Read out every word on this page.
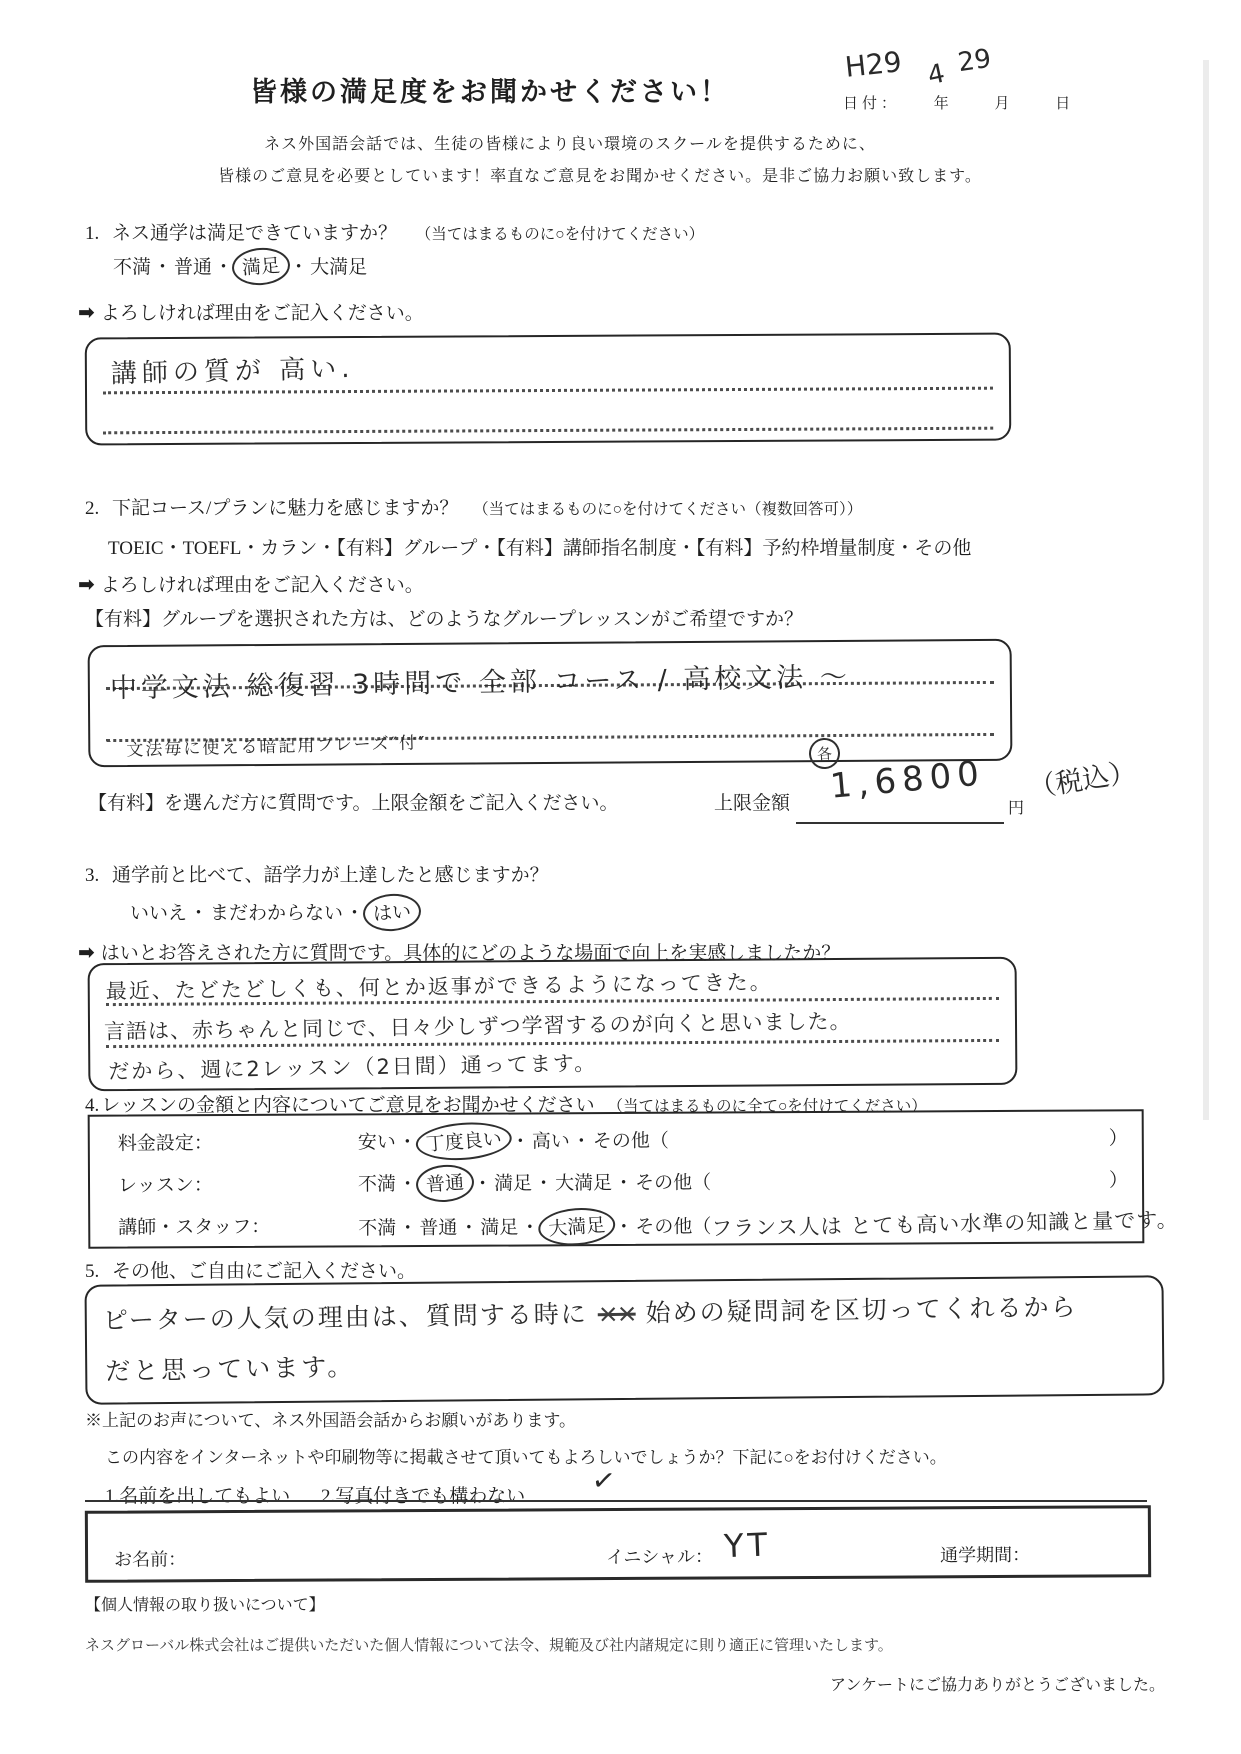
皆様の満足度をお聞かせください！	日付： 年	月	日
H29 4 29
ネス外国語会話では、生徒の皆様により良い環境のスクールを提供するために、
皆様のご意見を必要としています！率直なご意見をお聞かせください。是非ご協力お願い致します。
1. ネス通学は満足できていますか？ （当てはまるものに○を付けてください）
不満 ・ 普通 ・ 満足 ・ 大満足
➡ よろしければ理由をご記入ください。
講師の質が 高い.
2. 下記コース/プランに魅力を感じますか？ （当てはまるものに○を付けてください（複数回答可））
TOEIC・TOEFL・カラン・【有料】グループ・【有料】講師指名制度・【有料】予約枠増量制度・その他
➡ よろしければ理由をご記入ください。
【有料】グループを選択された方は、どのようなグループレッスンがご希望ですか？
中学文法 総復習 3時間で 全部 コース / 高校文法 〜
文法毎に使える暗記用フレーズ″付″
【有料】を選んだ方に質問です。上限金額をご記入ください。	上限金額
各
1,6800
円
（税込）
3. 通学前と比べて、語学力が上達したと感じますか？
いいえ ・ まだわからない ・ はい
➡ はいとお答えされた方に質問です。具体的にどのような場面で向上を実感しましたか？
最近、たどたどしくも、何とか返事ができるようになってきた。
言語は、赤ちゃんと同じで、日々少しずつ学習するのが向くと思いました。
だから、週に2レッスン（2日間）通ってます。
4. レッスンの金額と内容についてご意見をお聞かせください （当てはまるものに全て○を付けてください）
料金設定：	安い・ 丁度良い ・高い・その他（	）
レッスン：	不満・ 普通 ・満足・大満足・その他（	）
講師・スタッフ：	不満・普通・満足・ 大満足 ・その他（フランス人は とても高い水準の知識と量です。
5. その他、ご自由にご記入ください。
ピーターの人気の理由は、質問する時に ×× 始めの疑問詞を区切ってくれるから
だと思っています。
※上記のお声について、ネス外国語会話からお願いがあります。
この内容をインターネットや印刷物等に掲載させて頂いてもよろしいでしょうか？下記に○をお付けください。
1.名前を出してもよい 2.写真付きでも構わない
お名前：	イニシャル： YT	通学期間：
✓
【個人情報の取り扱いについて】
ネスグローバル株式会社はご提供いただいた個人情報について法令、規範及び社内諸規定に則り適正に管理いたします。
アンケートにご協力ありがとうございました。
